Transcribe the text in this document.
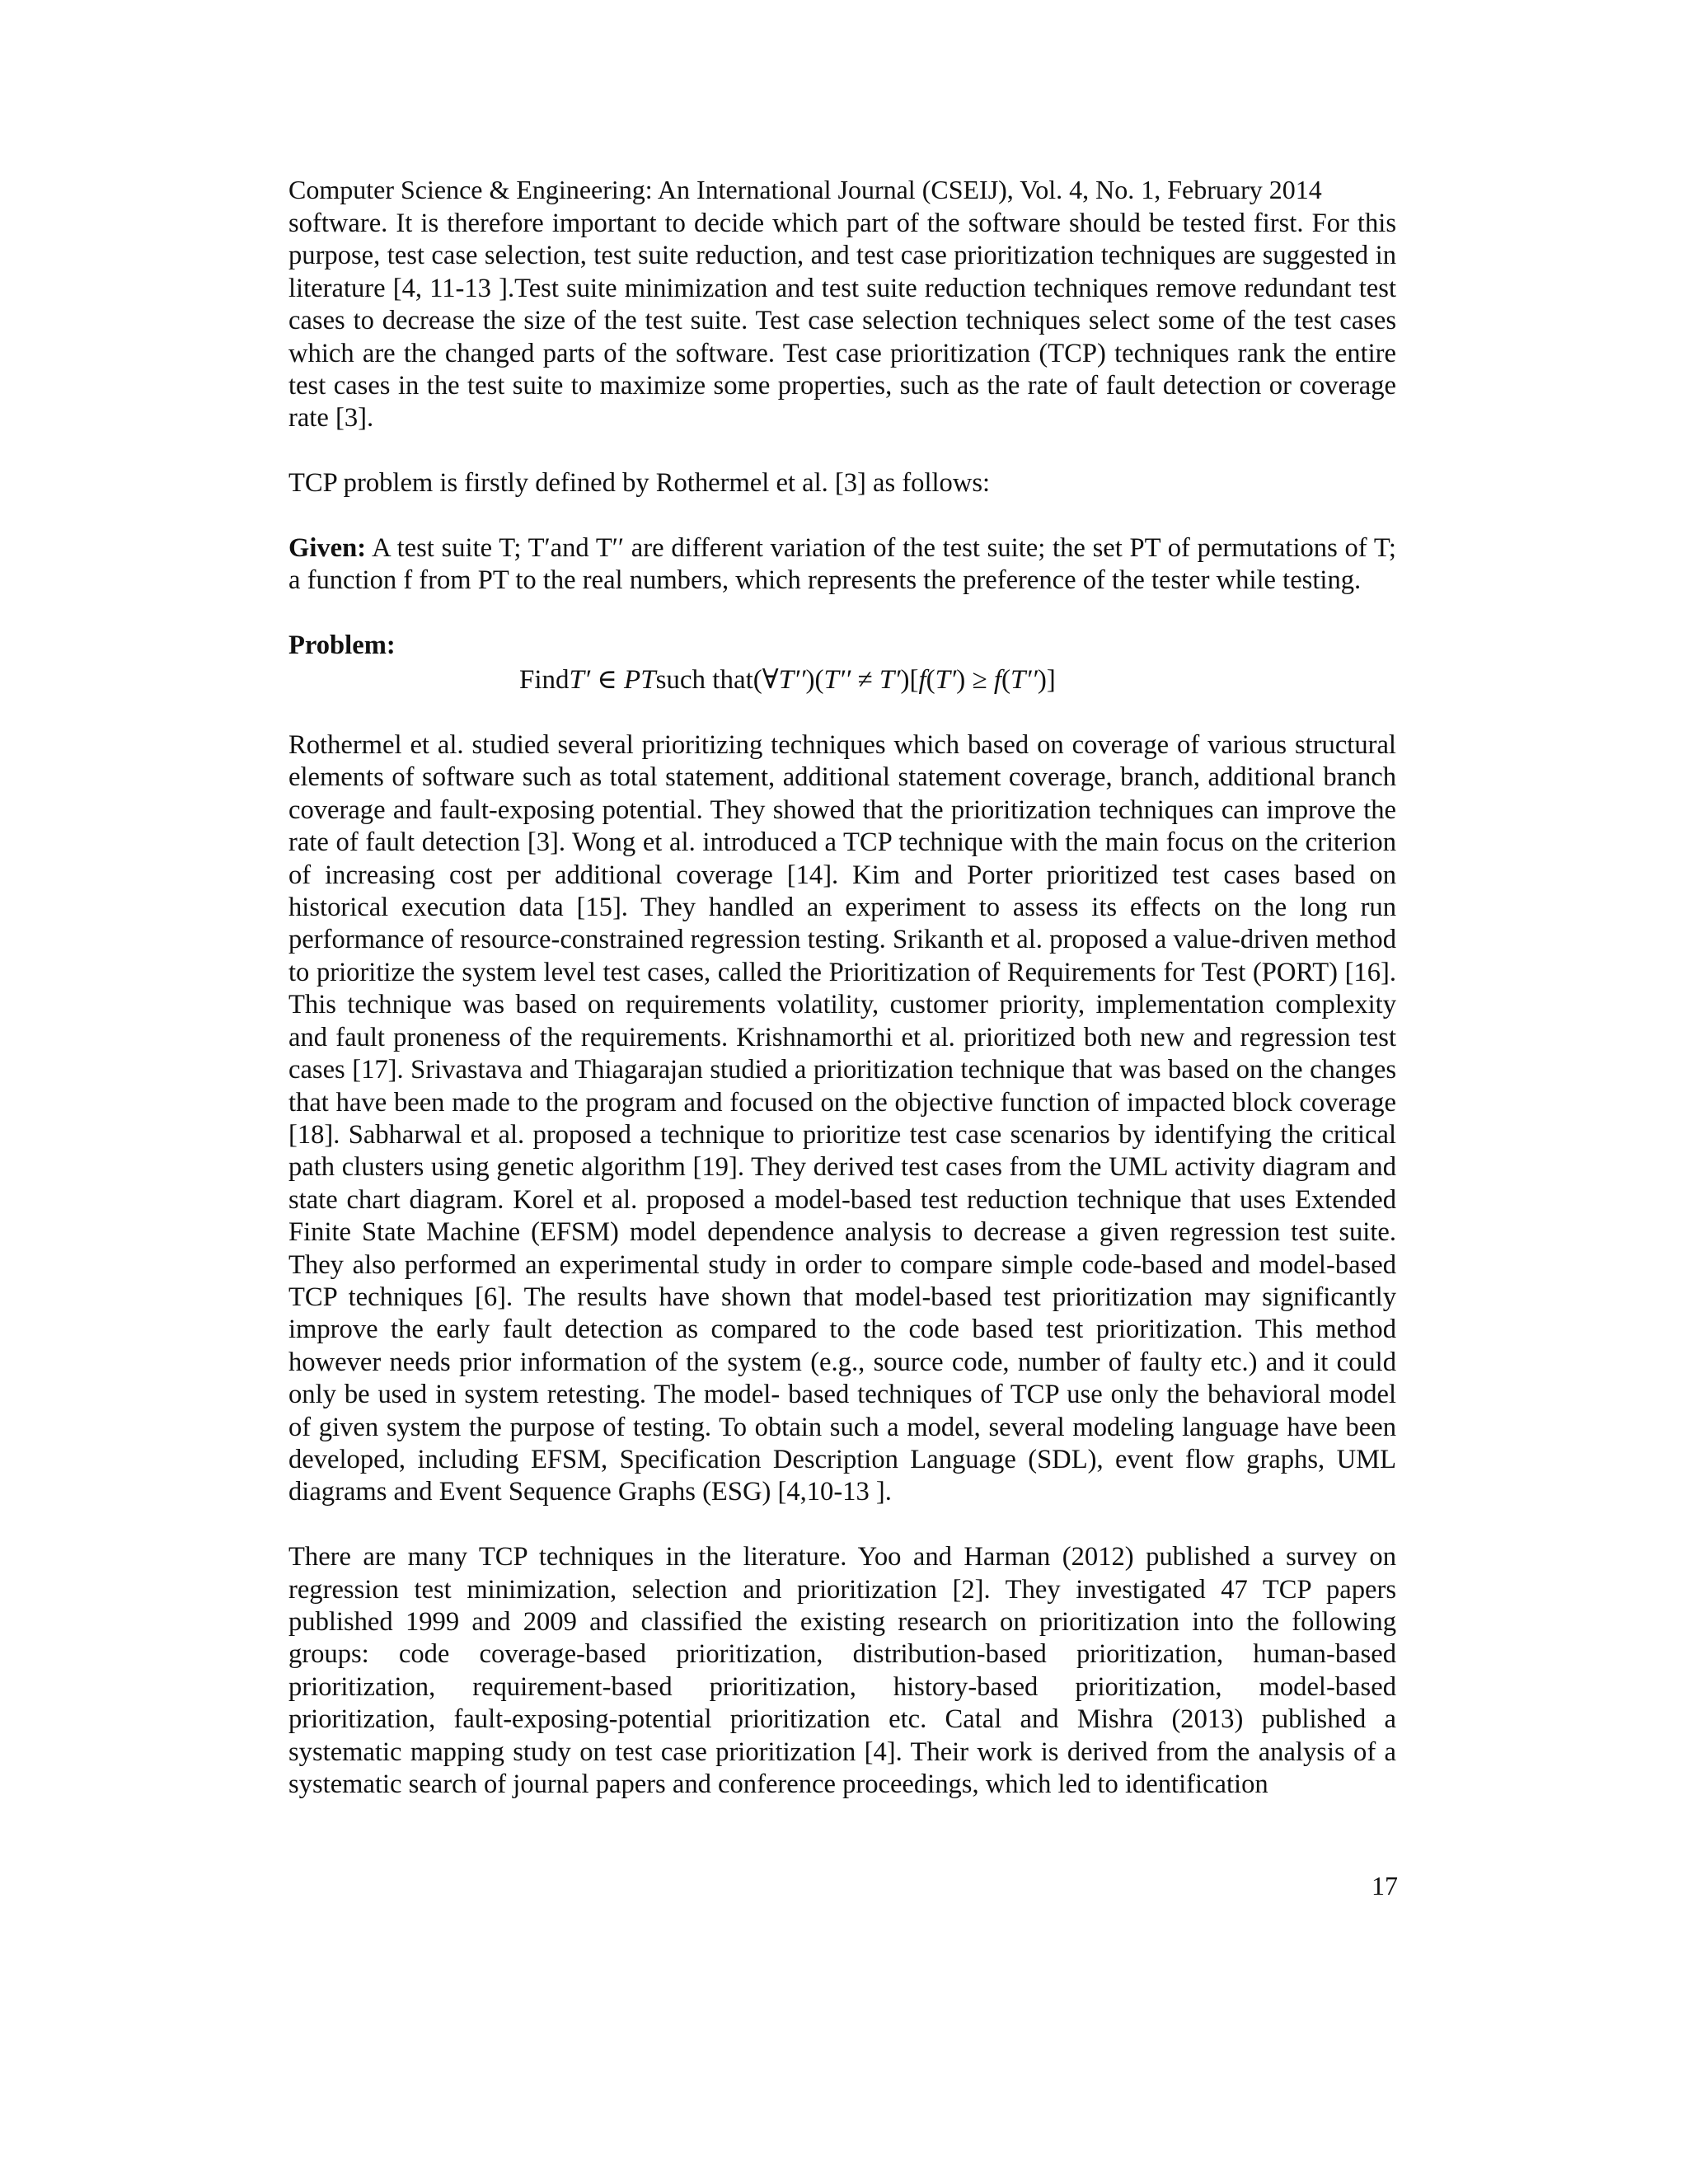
Computer Science & Engineering: An International Journal (CSEIJ), Vol. 4, No. 1, February 2014

software. It is therefore important to decide which part of the software should be tested first. For this purpose, test case selection, test suite reduction, and test case prioritization techniques are suggested in literature [4, 11-13 ].Test suite minimization and test suite reduction techniques remove redundant test cases to decrease the size of the test suite. Test case selection techniques select some of the test cases which are the changed parts of the software. Test case prioritization (TCP) techniques rank the entire test cases in the test suite to maximize some properties, such as the rate of fault detection or coverage rate [3].

TCP problem is firstly defined by Rothermel et al. [3] as follows:

Given: A test suite T; T′and T′′ are different variation of the test suite; the set PT of permutations of T; a function f from PT to the real numbers, which represents the preference of the tester while testing.

Problem:

FindT′ ∈ PTsuch that(∀T′′)(T′′ ≠ T′)[f(T′) ≥ f(T′′)]

Rothermel et al. studied several prioritizing techniques which based on coverage of various structural elements of software such as total statement, additional statement coverage, branch, additional branch coverage and fault-exposing potential. They showed that the prioritization techniques can improve the rate of fault detection [3]. Wong et al. introduced a TCP technique with the main focus on the criterion of increasing cost per additional coverage [14]. Kim and Porter prioritized test cases based on historical execution data [15]. They handled an experiment to assess its effects on the long run performance of resource-constrained regression testing. Srikanth et al. proposed a value-driven method to prioritize the system level test cases, called the Prioritization of Requirements for Test (PORT) [16]. This technique was based on requirements volatility, customer priority, implementation complexity and fault proneness of the requirements. Krishnamorthi et al. prioritized both new and regression test cases [17]. Srivastava and Thiagarajan studied a prioritization technique that was based on the changes that have been made to the program and focused on the objective function of impacted block coverage [18]. Sabharwal et al. proposed a technique to prioritize test case scenarios by identifying the critical path clusters using genetic algorithm [19]. They derived test cases from the UML activity diagram and state chart diagram. Korel et al. proposed a model-based test reduction technique that uses Extended Finite State Machine (EFSM) model dependence analysis to decrease a given regression test suite. They also performed an experimental study in order to compare simple code-based and model-based TCP techniques [6]. The results have shown that model-based test prioritization may significantly improve the early fault detection as compared to the code based test prioritization. This method however needs prior information of the system (e.g., source code, number of faulty etc.) and it could only be used in system retesting. The model- based techniques of TCP use only the behavioral model of given system the purpose of testing. To obtain such a model, several modeling language have been developed, including EFSM, Specification Description Language (SDL), event flow graphs, UML diagrams and Event Sequence Graphs (ESG) [4,10-13 ].

There are many TCP techniques in the literature. Yoo and Harman (2012) published a survey on regression test minimization, selection and prioritization [2]. They investigated 47 TCP papers published 1999 and 2009 and classified the existing research on prioritization into the following groups: code coverage-based prioritization, distribution-based prioritization, human-based prioritization, requirement-based prioritization, history-based prioritization, model-based prioritization, fault-exposing-potential prioritization etc. Catal and Mishra (2013) published a systematic mapping study on test case prioritization [4]. Their work is derived from the analysis of a systematic search of journal papers and conference proceedings, which led to identification

17
